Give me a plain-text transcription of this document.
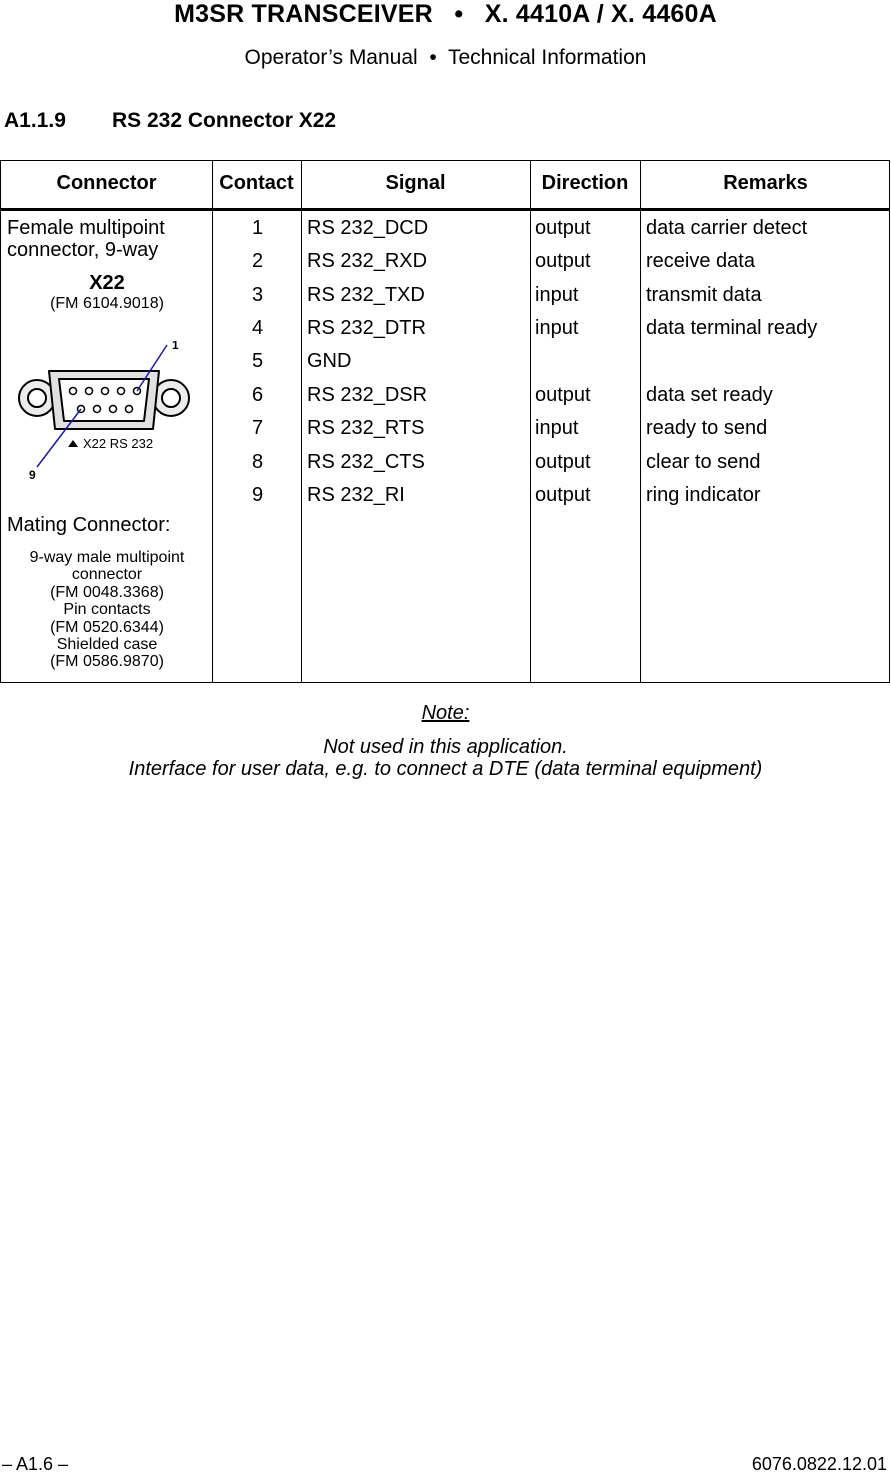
M3SR TRANSCEIVER   •   X. 4410A / X. 4460A
Operator’s Manual  •  Technical Information
A1.1.9 RS 232 Connector X22
Connector	Contact	Signal	Direction	Remarks
Female multipoint
connector, 9-way
X22
(FM 6104.9018)
1
9
X22 RS 232
Mating Connector:
9-way male multipoint
connector
(FM 0048.3368)
Pin contacts
(FM 0520.6344)
Shielded case
(FM 0586.9870)
1	RS 232_DCD	output	data carrier detect
2	RS 232_RXD	output	receive data
3	RS 232_TXD	input	transmit data
4	RS 232_DTR	input	data terminal ready
5	GND
6	RS 232_DSR	output	data set ready
7	RS 232_RTS	input	ready to send
8	RS 232_CTS	output	clear to send
9	RS 232_RI	output	ring indicator
Note:
Not used in this application.
Interface for user data, e.g. to connect a DTE (data terminal equipment)
– A1.6 –	6076.0822.12.01
